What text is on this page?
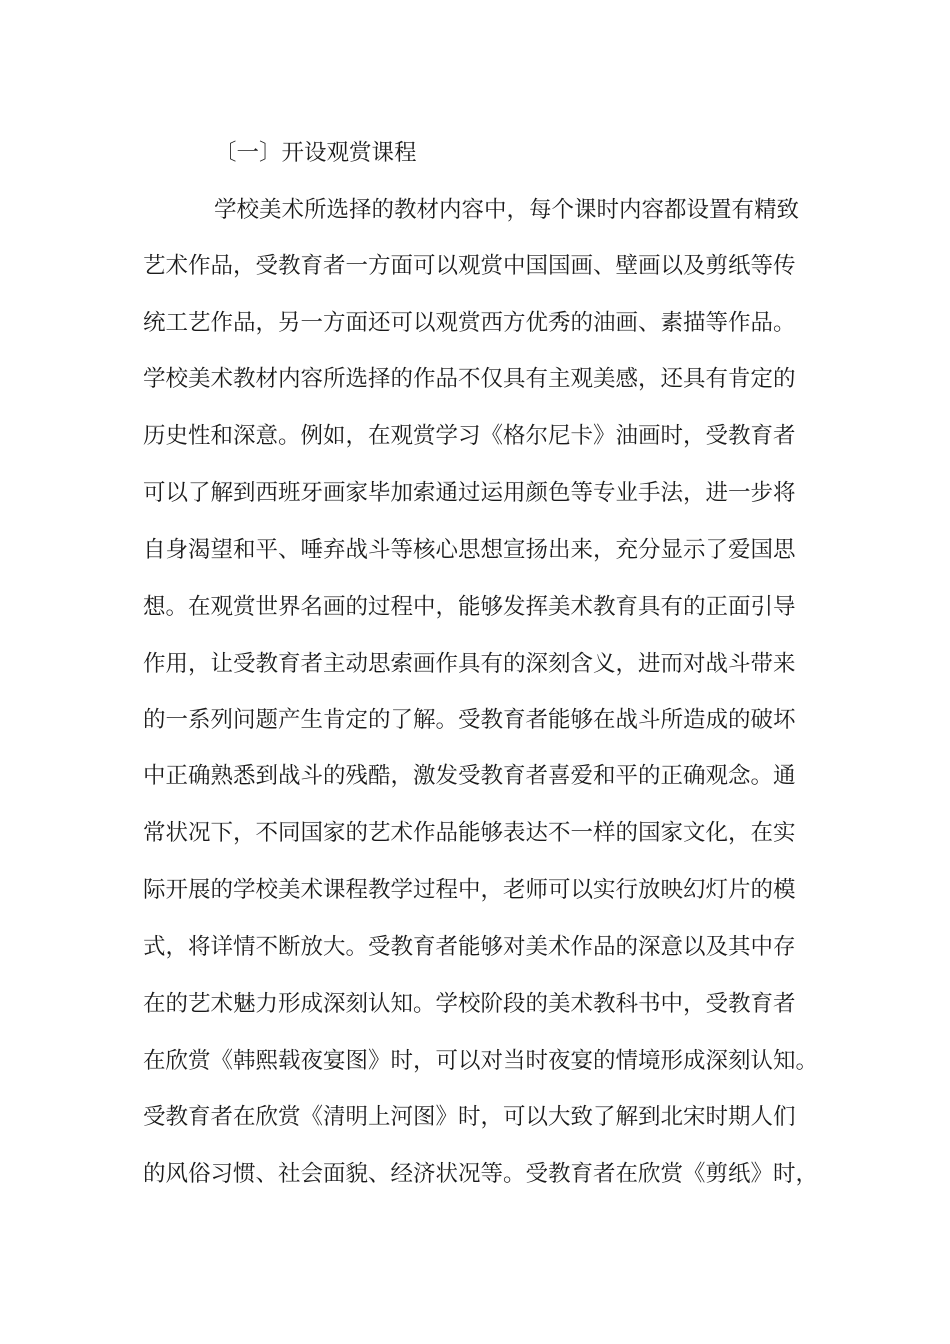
〔一〕开设观赏课程
学校美术所选择的教材内容中，每个课时内容都设置有精致
艺术作品，受教育者一方面可以观赏中国国画、壁画以及剪纸等传
统工艺作品，另一方面还可以观赏西方优秀的油画、素描等作品。
学校美术教材内容所选择的作品不仅具有主观美感，还具有肯定的
历史性和深意。例如，在观赏学习《格尔尼卡》油画时，受教育者
可以了解到西班牙画家毕加索通过运用颜色等专业手法，进一步将
自身渴望和平、唾弃战斗等核心思想宣扬出来，充分显示了爱国思
想。在观赏世界名画的过程中，能够发挥美术教育具有的正面引导
作用，让受教育者主动思索画作具有的深刻含义，进而对战斗带来
的一系列问题产生肯定的了解。受教育者能够在战斗所造成的破坏
中正确熟悉到战斗的残酷，激发受教育者喜爱和平的正确观念。通
常状况下，不同国家的艺术作品能够表达不一样的国家文化，在实
际开展的学校美术课程教学过程中，老师可以实行放映幻灯片的模
式，将详情不断放大。受教育者能够对美术作品的深意以及其中存
在的艺术魅力形成深刻认知。学校阶段的美术教科书中，受教育者
在欣赏《韩熙载夜宴图》时，可以对当时夜宴的情境形成深刻认知。
受教育者在欣赏《清明上河图》时，可以大致了解到北宋时期人们
的风俗习惯、社会面貌、经济状况等。受教育者在欣赏《剪纸》时，
